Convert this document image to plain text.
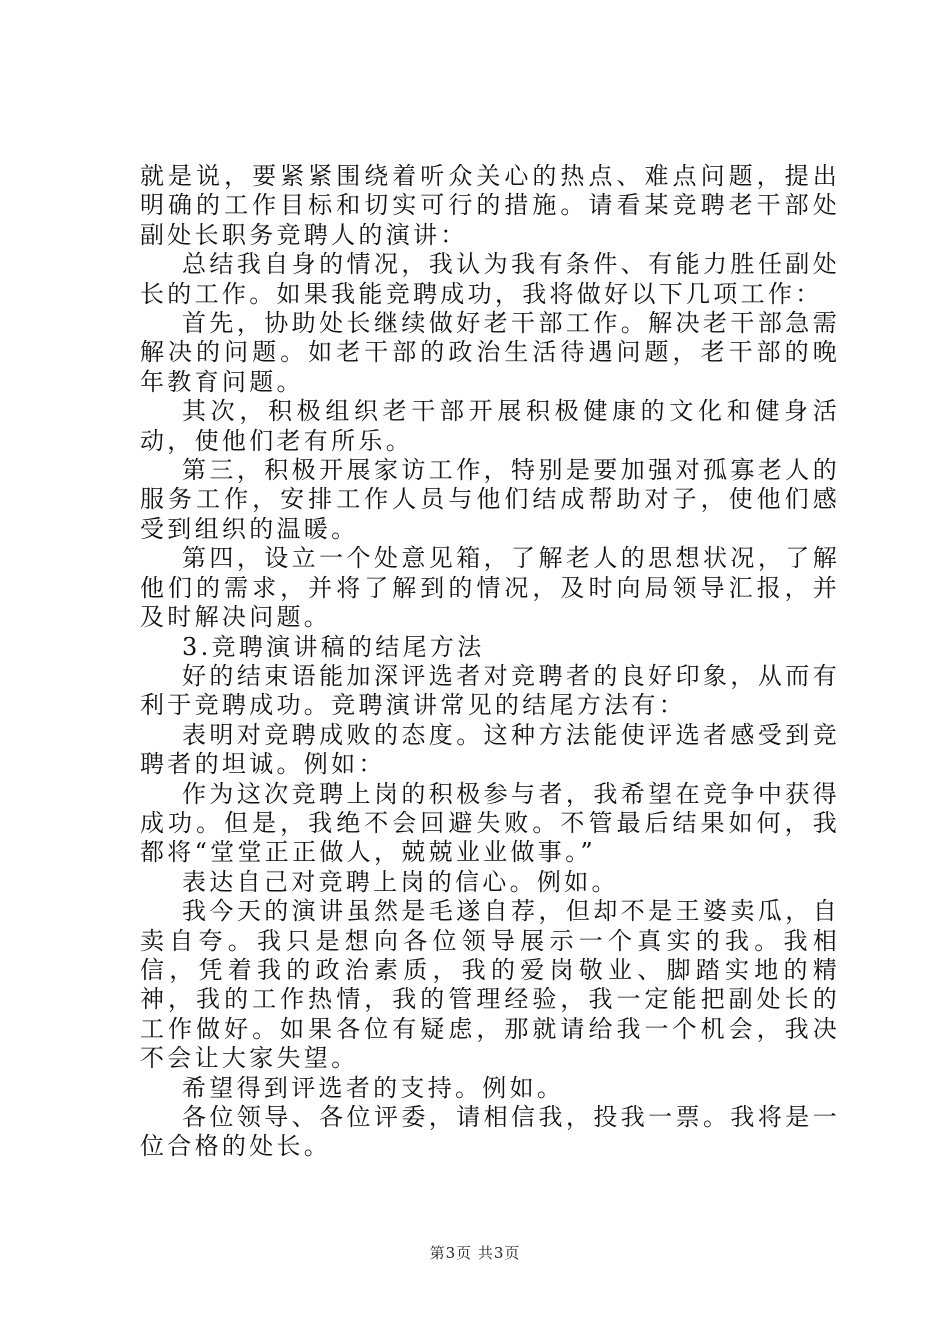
就是说，要紧紧围绕着听众关心的热点、难点问题，提出明确的工作目标和切实可行的措施。请看某竞聘老干部处副处长职务竞聘人的演讲：

总结我自身的情况，我认为我有条件、有能力胜任副处长的工作。如果我能竞聘成功，我将做好以下几项工作：

首先，协助处长继续做好老干部工作。解决老干部急需解决的问题。如老干部的政治生活待遇问题，老干部的晚年教育问题。

其次，积极组织老干部开展积极健康的文化和健身活动，使他们老有所乐。

第三，积极开展家访工作，特别是要加强对孤寡老人的服务工作，安排工作人员与他们结成帮助对子，使他们感受到组织的温暖。

第四，设立一个处意见箱，了解老人的思想状况，了解他们的需求，并将了解到的情况，及时向局领导汇报，并及时解决问题。

3.竞聘演讲稿的结尾方法

好的结束语能加深评选者对竞聘者的良好印象，从而有利于竞聘成功。竞聘演讲常见的结尾方法有：

表明对竞聘成败的态度。这种方法能使评选者感受到竞聘者的坦诚。例如：

作为这次竞聘上岗的积极参与者，我希望在竞争中获得成功。但是，我绝不会回避失败。不管最后结果如何，我都将“堂堂正正做人，兢兢业业做事。”

表达自己对竞聘上岗的信心。例如。

我今天的演讲虽然是毛遂自荐，但却不是王婆卖瓜，自卖自夸。我只是想向各位领导展示一个真实的我。我相信，凭着我的政治素质，我的爱岗敬业、脚踏实地的精神，我的工作热情，我的管理经验，我一定能把副处长的工作做好。如果各位有疑虑，那就请给我一个机会，我决不会让大家失望。

希望得到评选者的支持。例如。

各位领导、各位评委，请相信我，投我一票。我将是一位合格的处长。

第3页 共3页
